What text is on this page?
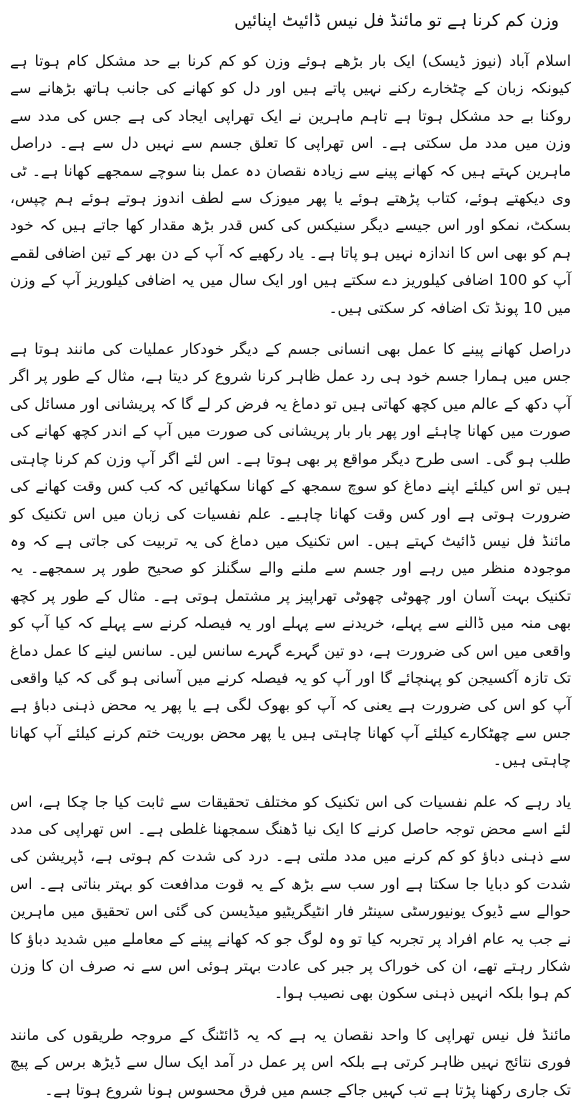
وزن کم کرنا ہے تو مائنڈ فل نیس ڈائیٹ اپنائیں

اسلام آباد (نیوز ڈیسک) ایک بار بڑھے ہوئے وزن کو کم کرنا بے حد مشکل کام ہوتا ہے کیونکہ زبان کے چٹخارے رکنے نہیں پاتے ہیں اور دل کو کھانے کی جانب ہاتھ بڑھانے سے روکنا بے حد مشکل ہوتا ہے تاہم ماہرین نے ایک تھراپی ایجاد کی ہے جس کی مدد سے وزن میں مدد مل سکتی ہے۔ اس تھراپی کا تعلق جسم سے نہیں دل سے ہے۔ دراصل ماہرین کہتے ہیں کہ کھانے پینے سے زیادہ نقصان دہ عمل بنا سوچے سمجھے کھانا ہے۔ ٹی وی دیکھتے ہوئے، کتاب پڑھتے ہوئے یا پھر میوزک سے لطف اندوز ہوتے ہوئے ہم چپس، بسکٹ، نمکو اور اس جیسے دیگر سنیکس کی کس قدر بڑھ مقدار کھا جاتے ہیں کہ خود ہم کو بھی اس کا اندازہ نہیں ہو پاتا ہے۔ یاد رکھیے کہ آپ کے دن بھر کے تین اضافی لقمے آپ کو 100 اضافی کیلوریز دے سکتے ہیں اور ایک سال میں یہ اضافی کیلوریز آپ کے وزن میں 10 پونڈ تک اضافہ کر سکتی ہیں۔

دراصل کھانے پینے کا عمل بھی انسانی جسم کے دیگر خودکار عملیات کی مانند ہوتا ہے جس میں ہمارا جسم خود ہی رد عمل ظاہر کرنا شروع کر دیتا ہے، مثال کے طور پر اگر آپ دکھ کے عالم میں کچھ کھاتی ہیں تو دماغ یہ فرض کر لے گا کہ پریشانی اور مسائل کی صورت میں کھانا چاہئے اور پھر بار بار پریشانی کی صورت میں آپ کے اندر کچھ کھانے کی طلب ہو گی۔ اسی طرح دیگر مواقع پر بھی ہوتا ہے۔ اس لئے اگر آپ وزن کم کرنا چاہتی ہیں تو اس کیلئے اپنے دماغ کو سوچ سمجھ کے کھانا سکھائیں کہ کب کس وقت کھانے کی ضرورت ہوتی ہے اور کس وقت کھانا چاہیے۔ علم نفسیات کی زبان میں اس تکنیک کو مائنڈ فل نیس ڈائیٹ کہتے ہیں۔ اس تکنیک میں دماغ کی یہ تربیت کی جاتی ہے کہ وہ موجودہ منظر میں رہے اور جسم سے ملنے والے سگنلز کو صحیح طور پر سمجھے۔ یہ تکنیک بہت آسان اور چھوٹی چھوٹی تھراپیز پر مشتمل ہوتی ہے۔ مثال کے طور پر کچھ بھی منہ میں ڈالنے سے پہلے، خریدنے سے پہلے اور یہ فیصلہ کرنے سے پہلے کہ کیا آپ کو واقعی میں اس کی ضرورت ہے، دو تین گہرے گہرے سانس لیں۔ سانس لینے کا عمل دماغ تک تازہ آکسیجن کو پہنچائے گا اور آپ کو یہ فیصلہ کرنے میں آسانی ہو گی کہ کیا واقعی آپ کو اس کی ضرورت ہے یعنی کہ آپ کو بھوک لگی ہے یا پھر یہ محض ذہنی دباؤ ہے جس سے چھٹکارے کیلئے آپ کھانا چاہتی ہیں یا پھر محض بوریت ختم کرنے کیلئے آپ کھانا چاہتی ہیں۔

یاد رہے کہ علم نفسیات کی اس تکنیک کو مختلف تحقیقات سے ثابت کیا جا چکا ہے، اس لئے اسے محض توجہ حاصل کرنے کا ایک نیا ڈھنگ سمجھنا غلطی ہے۔ اس تھراپی کی مدد سے ذہنی دباؤ کو کم کرنے میں مدد ملتی ہے۔ درد کی شدت کم ہوتی ہے، ڈپریشن کی شدت کو دبایا جا سکتا ہے اور سب سے بڑھ کے یہ قوت مدافعت کو بہتر بناتی ہے۔ اس حوالے سے ڈیوک یونیورسٹی سینٹر فار انٹیگریٹیو میڈیسن کی گئی اس تحقیق میں ماہرین نے جب یہ عام افراد پر تجربہ کیا تو وہ لوگ جو کہ کھانے پینے کے معاملے میں شدید دباؤ کا شکار رہتے تھے، ان کی خوراک پر جبر کی عادت بہتر ہوئی اس سے نہ صرف ان کا وزن کم ہوا بلکہ انہیں ذہنی سکون بھی نصیب ہوا۔

مائنڈ فل نیس تھراپی کا واحد نقصان یہ ہے کہ یہ ڈائٹنگ کے مروجہ طریقوں کی مانند فوری نتائج نہیں ظاہر کرتی ہے بلکہ اس پر عمل در آمد ایک سال سے ڈیڑھ برس کے پیچ تک جاری رکھنا پڑتا ہے تب کہیں جاکے جسم میں فرق محسوس ہونا شروع ہوتا ہے۔
